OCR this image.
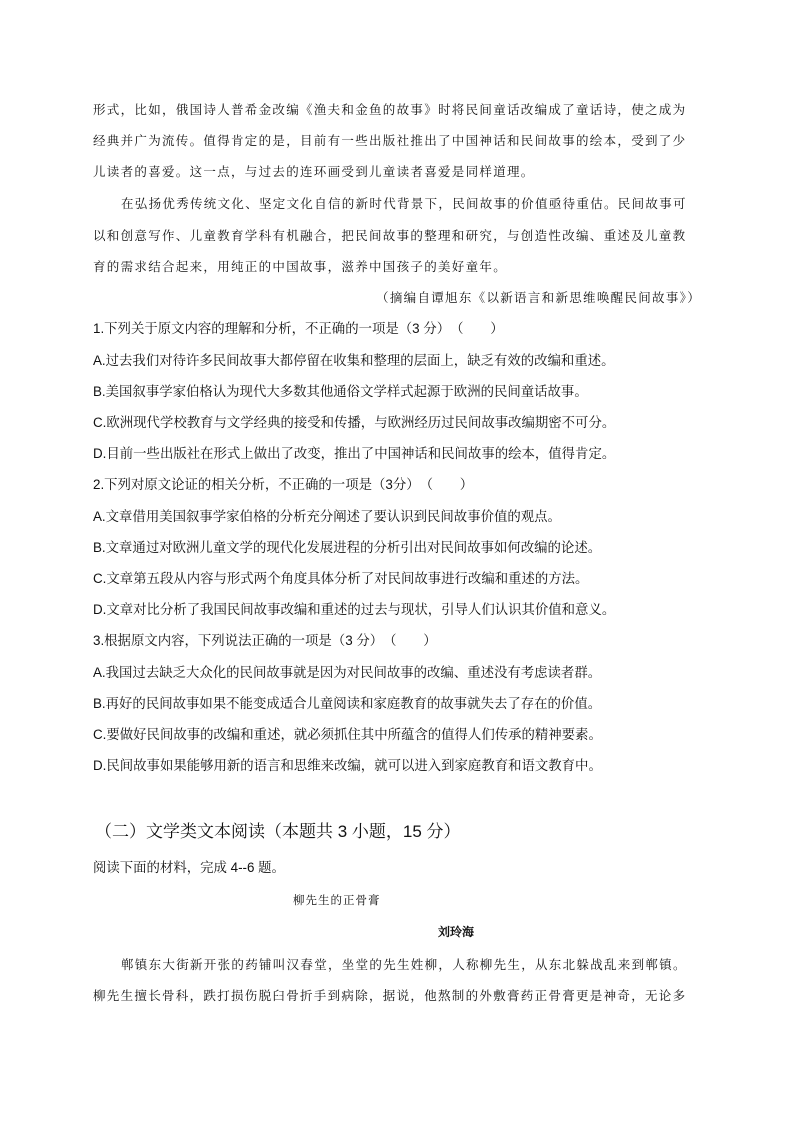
形式，比如，俄国诗人普希金改编《渔夫和金鱼的故事》时将民间童话改编成了童话诗，使之成为
经典并广为流传。值得肯定的是，目前有一些出版社推出了中国神话和民间故事的绘本，受到了少
儿读者的喜爱。这一点，与过去的连环画受到儿童读者喜爱是同样道理。
在弘扬优秀传统文化、坚定文化自信的新时代背景下，民间故事的价值亟待重估。民间故事可
以和创意写作、儿童教育学科有机融合，把民间故事的整理和研究，与创造性改编、重述及儿童教
育的需求结合起来，用纯正的中国故事，滋养中国孩子的美好童年。
（摘编自谭旭东《以新语言和新思维唤醒民间故事》）
1.下列关于原文内容的理解和分析，不正确的一项是（3 分）　（　　）
A.过去我们对待许多民间故事大都停留在收集和整理的层面上，缺乏有效的改编和重述。
B.美国叙事学家伯格认为现代大多数其他通俗文学样式起源于欧洲的民间童话故事。
C.欧洲现代学校教育与文学经典的接受和传播，与欧洲经历过民间故事改编期密不可分。
D.目前一些出版社在形式上做出了改变，推出了中国神话和民间故事的绘本，值得肯定。
2.下列对原文论证的相关分析，不正确的一项是（3分）　（　　）
A.文章借用美国叙事学家伯格的分析充分阐述了要认识到民间故事价值的观点。
B.文章通过对欧洲儿童文学的现代化发展进程的分析引出对民间故事如何改编的论述。
C.文章第五段从内容与形式两个角度具体分析了对民间故事进行改编和重述的方法。
D.文章对比分析了我国民间故事改编和重述的过去与现状，引导人们认识其价值和意义。
3.根据原文内容，下列说法正确的一项是（3 分）　（　　）
A.我国过去缺乏大众化的民间故事就是因为对民间故事的改编、重述没有考虑读者群。
B.再好的民间故事如果不能变成适合儿童阅读和家庭教育的故事就失去了存在的价值。
C.要做好民间故事的改编和重述，就必须抓住其中所蕴含的值得人们传承的精神要素。
D.民间故事如果能够用新的语言和思维来改编，就可以进入到家庭教育和语文教育中。
（二）文学类文本阅读（本题共 3 小题，15 分）
阅读下面的材料，完成 4--6 题。
柳先生的正骨膏
刘玲海
郸镇东大街新开张的药铺叫汉春堂，坐堂的先生姓柳，人称柳先生，从东北躲战乱来到郸镇。
柳先生擅长骨科，跌打损伤脱臼骨折手到病除，据说，他熬制的外敷膏药正骨膏更是神奇，无论多
